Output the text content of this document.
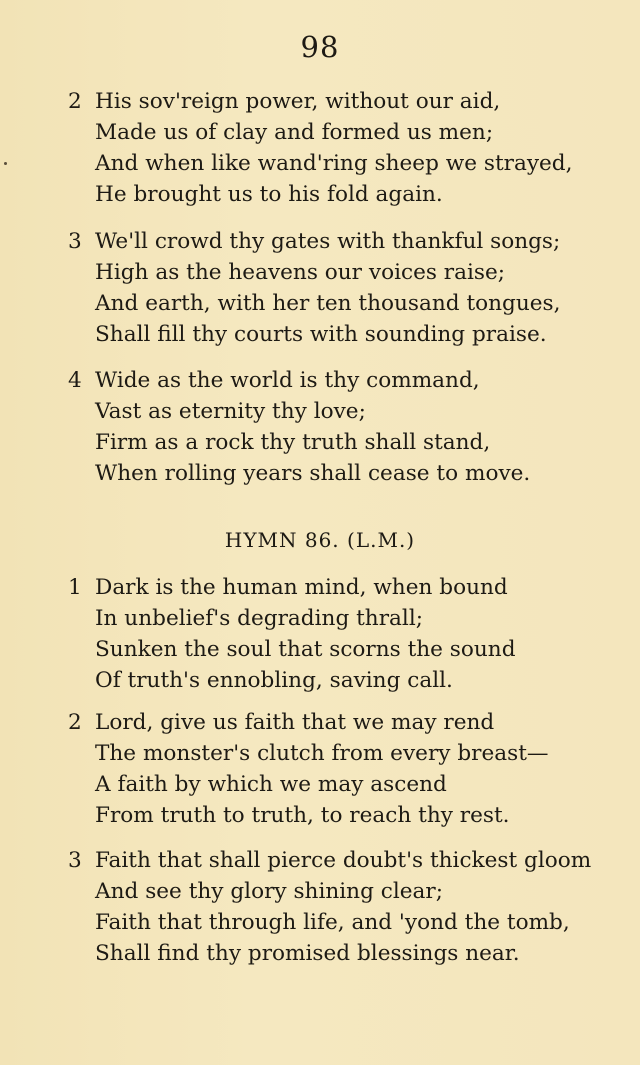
98
2 His sov'reign power, without our aid,
Made us of clay and formed us men;
And when like wand'ring sheep we strayed,
He brought us to his fold again.
3 We'll crowd thy gates with thankful songs;
High as the heavens our voices raise;
And earth, with her ten thousand tongues,
Shall fill thy courts with sounding praise.
4 Wide as the world is thy command,
Vast as eternity thy love;
Firm as a rock thy truth shall stand,
When rolling years shall cease to move.
HYMN 86. (L.M.)
1 Dark is the human mind, when bound
In unbelief's degrading thrall;
Sunken the soul that scorns the sound
Of truth's ennobling, saving call.
2 Lord, give us faith that we may rend
The monster's clutch from every breast—
A faith by which we may ascend
From truth to truth, to reach thy rest.
3 Faith that shall pierce doubt's thickest gloom
And see thy glory shining clear;
Faith that through life, and 'yond the tomb,
Shall find thy promised blessings near.
